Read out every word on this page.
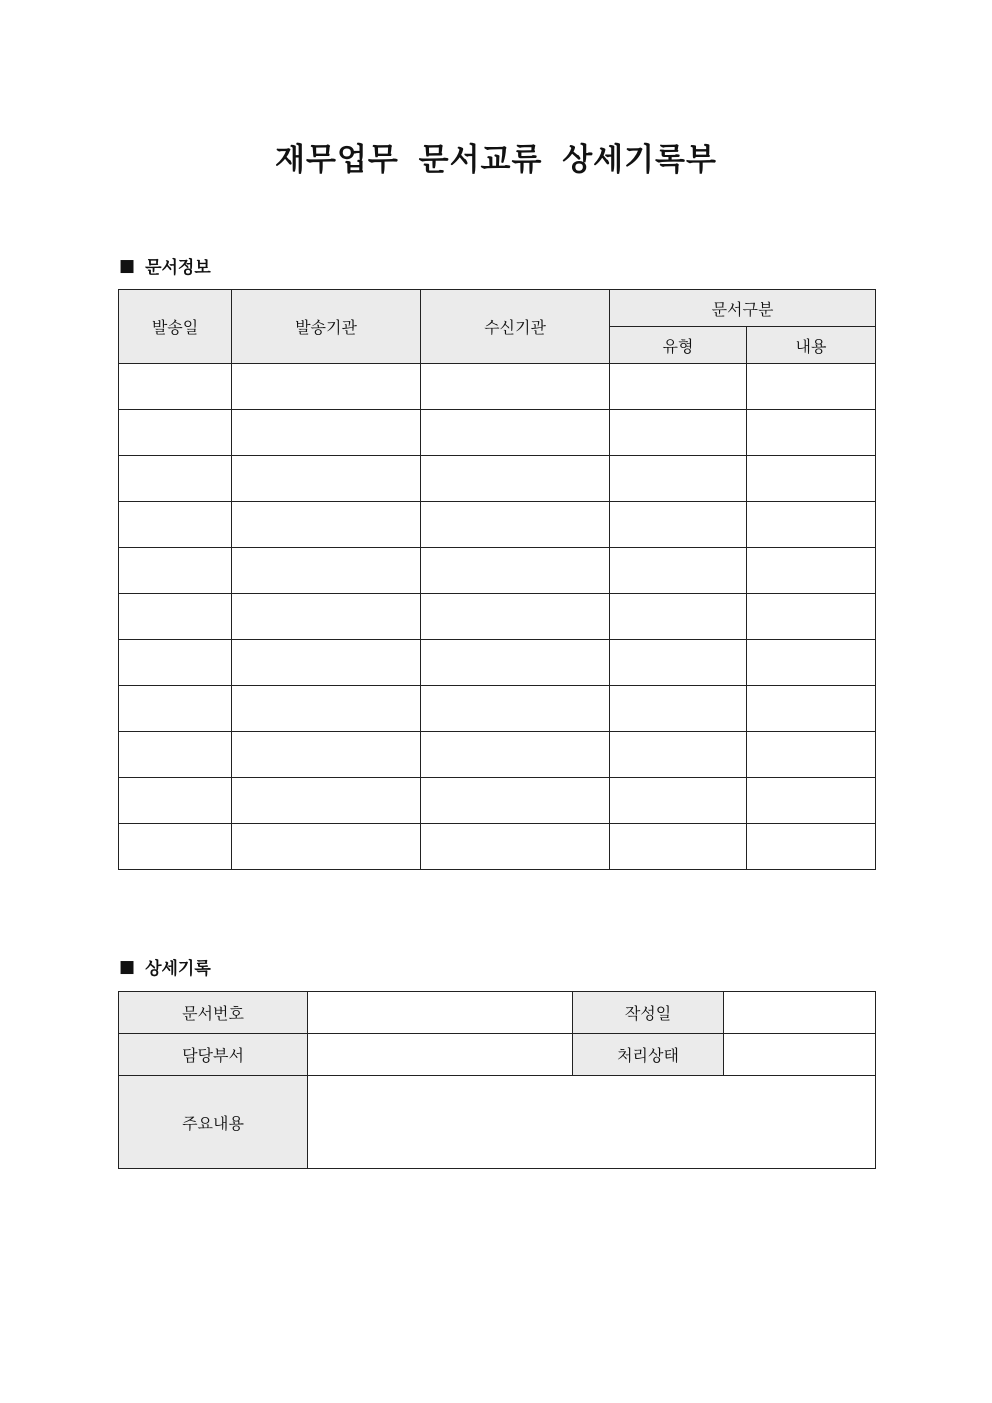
재무업무 문서교류 상세기록부
■ 문서정보
발송일	발송기관	수신기관	문서구분	
			유형	내용

■ 상세기록
문서번호		작성일	
담당부서		처리상태	
주요내용			
